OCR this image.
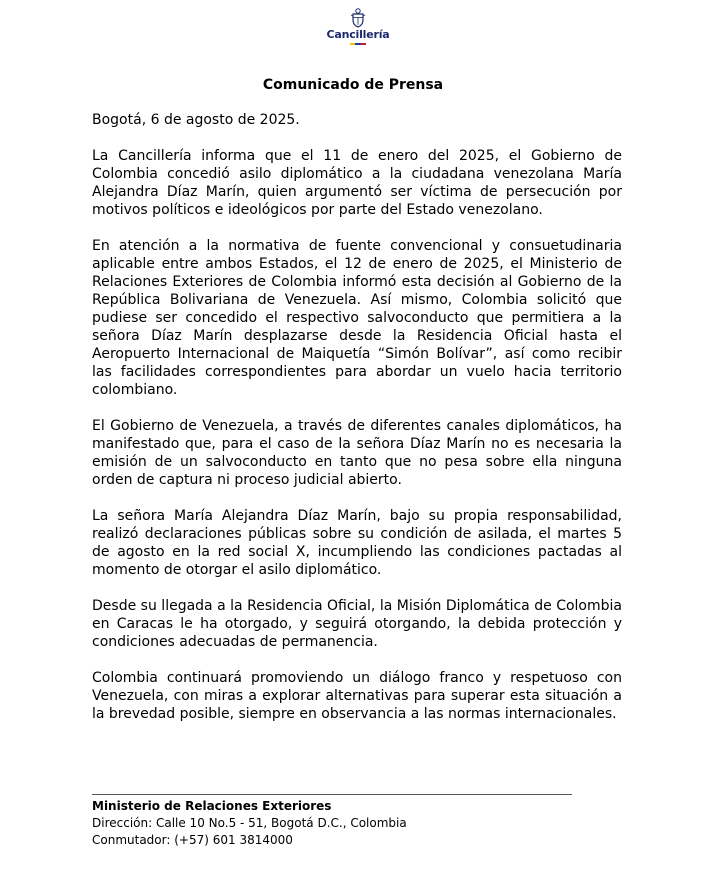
Cancillería
Comunicado de Prensa

Bogotá, 6 de agosto de 2025.

La Cancillería informa que el 11 de enero del 2025, el Gobierno de Colombia concedió asilo diplomático a la ciudadana venezolana María Alejandra Díaz Marín, quien argumentó ser víctima de persecución por motivos políticos e ideológicos por parte del Estado venezolano.

En atención a la normativa de fuente convencional y consuetudinaria aplicable entre ambos Estados, el 12 de enero de 2025, el Ministerio de Relaciones Exteriores de Colombia informó esta decisión al Gobierno de la República Bolivariana de Venezuela. Así mismo, Colombia solicitó que pudiese ser concedido el respectivo salvoconducto que permitiera a la señora Díaz Marín desplazarse desde la Residencia Oficial hasta el Aeropuerto Internacional de Maiquetía “Simón Bolívar”, así como recibir las facilidades correspondientes para abordar un vuelo hacia territorio colombiano.

El Gobierno de Venezuela, a través de diferentes canales diplomáticos, ha manifestado que, para el caso de la señora Díaz Marín no es necesaria la emisión de un salvoconducto en tanto que no pesa sobre ella ninguna orden de captura ni proceso judicial abierto.

La señora María Alejandra Díaz Marín, bajo su propia responsabilidad, realizó declaraciones públicas sobre su condición de asilada, el martes 5 de agosto en la red social X, incumpliendo las condiciones pactadas al momento de otorgar el asilo diplomático.

Desde su llegada a la Residencia Oficial, la Misión Diplomática de Colombia en Caracas le ha otorgado, y seguirá otorgando, la debida protección y condiciones adecuadas de permanencia.

Colombia continuará promoviendo un diálogo franco y respetuoso con Venezuela, con miras a explorar alternativas para superar esta situación a la brevedad posible, siempre en observancia a las normas internacionales.

Ministerio de Relaciones Exteriores
Dirección: Calle 10 No.5 - 51, Bogotá D.C., Colombia
Conmutador: (+57) 601 3814000
